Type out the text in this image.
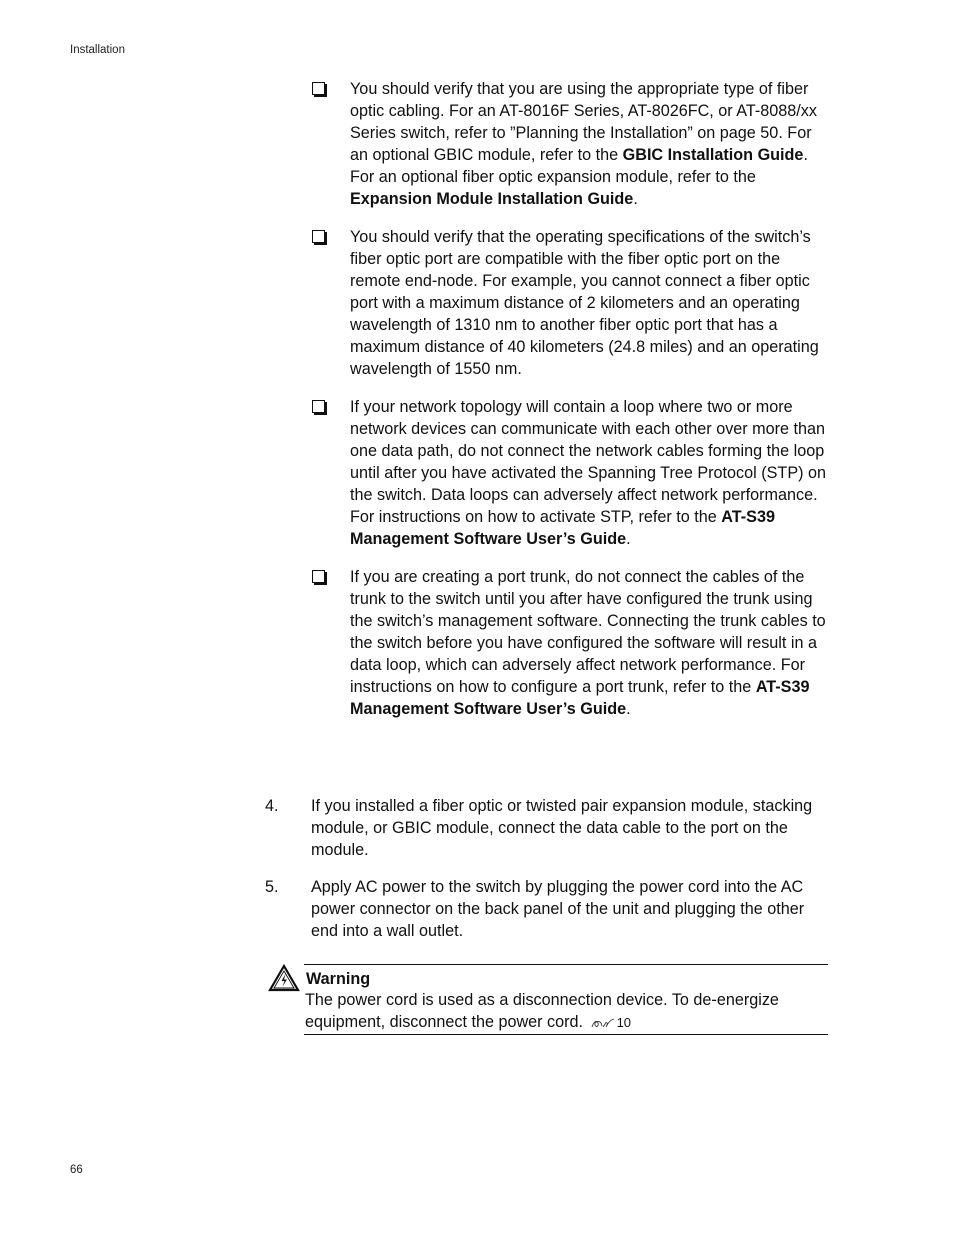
Installation
You should verify that you are using the appropriate type of fiber optic cabling. For an AT-8016F Series, AT-8026FC, or AT-8088/xx Series switch, refer to ”Planning the Installation” on page 50. For an optional GBIC module, refer to the GBIC Installation Guide. For an optional fiber optic expansion module, refer to the Expansion Module Installation Guide.
You should verify that the operating specifications of the switch’s fiber optic port are compatible with the fiber optic port on the remote end-node. For example, you cannot connect a fiber optic port with a maximum distance of 2 kilometers and an operating wavelength of 1310 nm to another fiber optic port that has a maximum distance of 40 kilometers (24.8 miles) and an operating wavelength of 1550 nm.
If your network topology will contain a loop where two or more network devices can communicate with each other over more than one data path, do not connect the network cables forming the loop until after you have activated the Spanning Tree Protocol (STP) on the switch. Data loops can adversely affect network performance. For instructions on how to activate STP, refer to the AT-S39 Management Software User’s Guide.
If you are creating a port trunk, do not connect the cables of the trunk to the switch until you after have configured the trunk using the switch’s management software. Connecting the trunk cables to the switch before you have configured the software will result in a data loop, which can adversely affect network performance. For instructions on how to configure a port trunk, refer to the AT-S39 Management Software User’s Guide.
4. If you installed a fiber optic or twisted pair expansion module, stacking module, or GBIC module, connect the data cable to the port on the module.
5. Apply AC power to the switch by plugging the power cord into the AC power connector on the back panel of the unit and plugging the other end into a wall outlet.
Warning
The power cord is used as a disconnection device. To de-energize equipment, disconnect the power cord.	10
66
